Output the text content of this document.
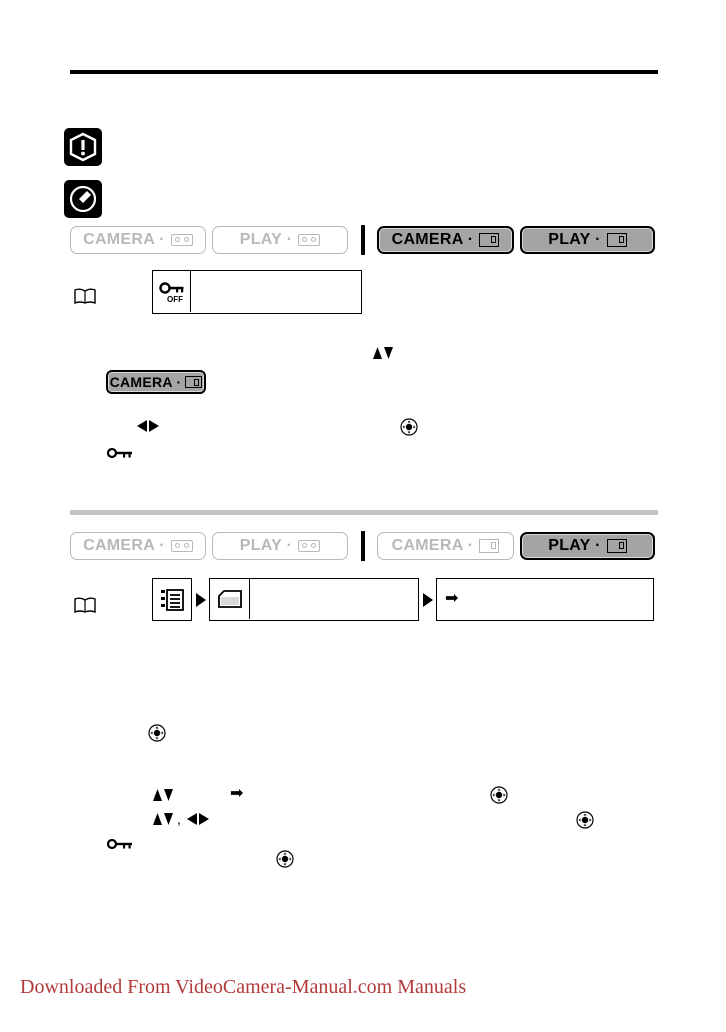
CAMERA ·	PLAY ·	CAMERA ·	PLAY ·
OFF
CAMERA ·
CAMERA ·	PLAY ·	CAMERA ·	PLAY ·
➡
➡
,
Downloaded From VideoCamera-Manual.com Manuals
